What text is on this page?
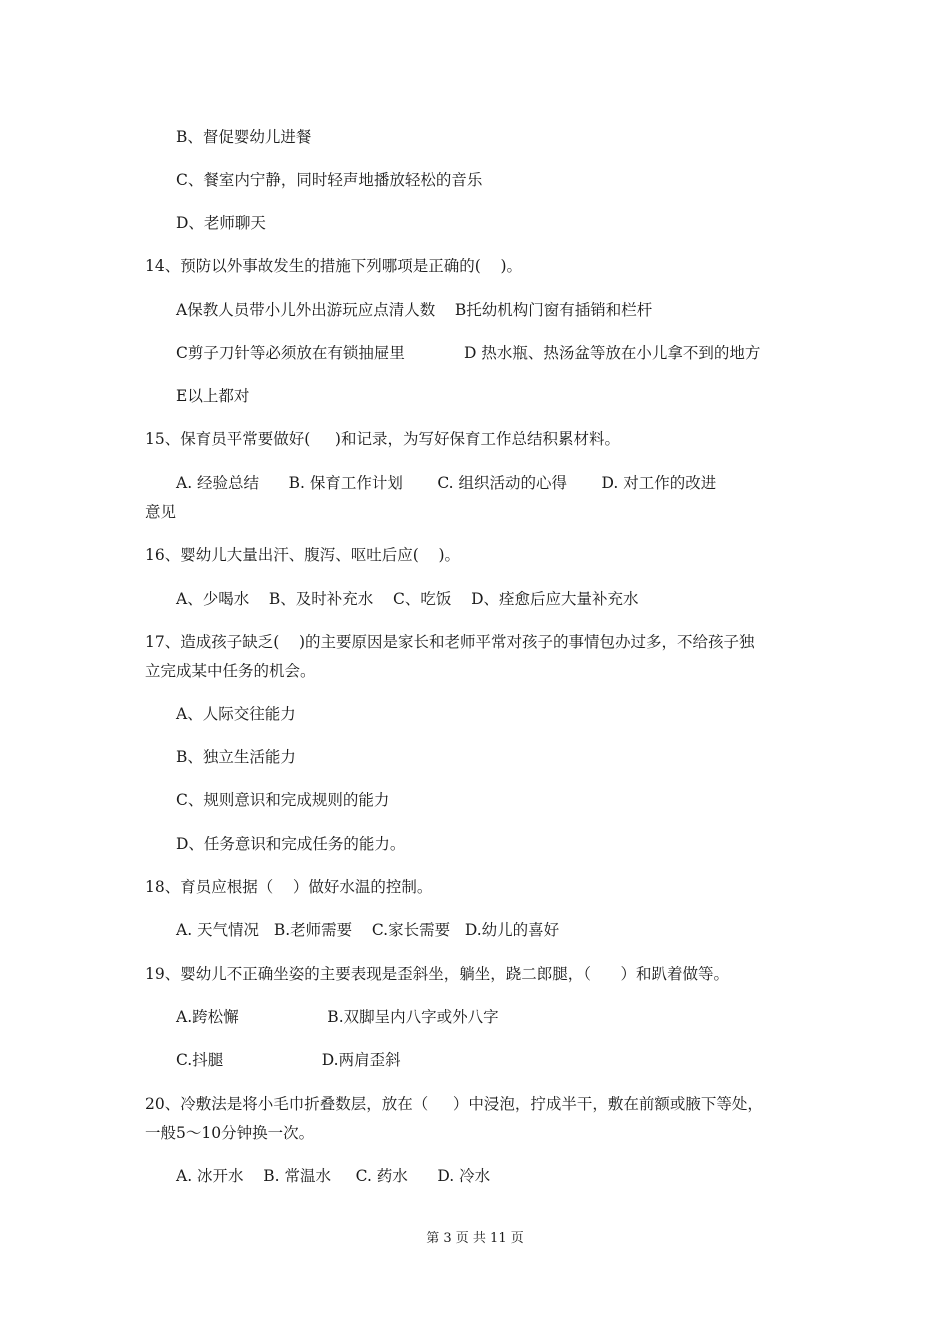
B、督促婴幼儿进餐
C、餐室内宁静，同时轻声地播放轻松的音乐
D、老师聊天
14、预防以外事故发生的措施下列哪项是正确的(    )。
A保教人员带小儿外出游玩应点清人数    B托幼机构门窗有插销和栏杆
C剪子刀针等必须放在有锁抽屉里            D 热水瓶、热汤盆等放在小儿拿不到的地方
E以上都对
15、保育员平常要做好(     )和记录，为写好保育工作总结积累材料。
A. 经验总结      B. 保育工作计划       C. 组织活动的心得       D. 对工作的改进
意见
16、婴幼儿大量出汗、腹泻、呕吐后应(    )。
A、少喝水    B、及时补充水    C、吃饭    D、痊愈后应大量补充水
17、造成孩子缺乏(    )的主要原因是家长和老师平常对孩子的事情包办过多，不给孩子独
立完成某中任务的机会。
A、人际交往能力
B、独立生活能力
C、规则意识和完成规则的能力
D、任务意识和完成任务的能力。
18、育员应根据（    ）做好水温的控制。
A. 天气情况   B.老师需要    C.家长需要   D.幼儿的喜好
19、婴幼儿不正确坐姿的主要表现是歪斜坐，躺坐，跷二郎腿，（      ）和趴着做等。
A.跨松懈                  B.双脚呈内八字或外八字
C.抖腿                    D.两肩歪斜
20、冷敷法是将小毛巾折叠数层，放在（     ）中浸泡，拧成半干，敷在前额或腋下等处，
一般5～10分钟换一次。
A. 冰开水    B. 常温水     C. 药水      D. 冷水
第 3 页 共 11 页
